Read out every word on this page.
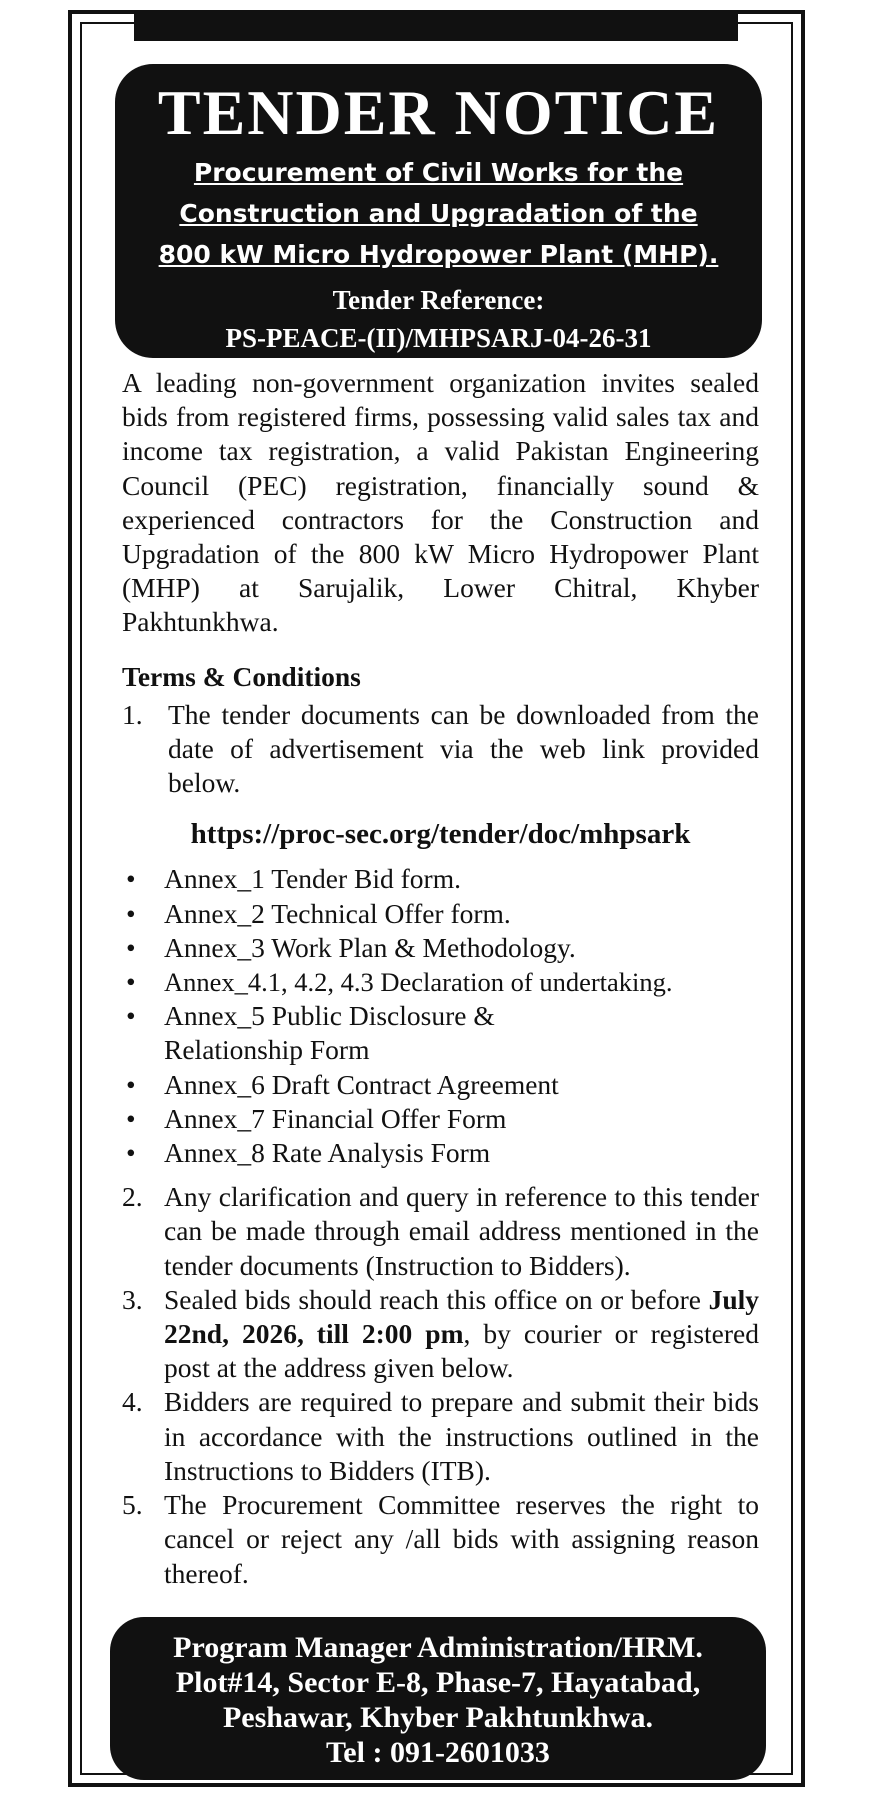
TENDER NOTICE
Procurement of Civil Works for the
Construction and Upgradation of the
800 kW Micro Hydropower Plant (MHP).
Tender Reference:
PS-PEACE-(II)/MHPSARJ-04-26-31

A leading non-government organization invites sealed bids from registered firms, possessing valid sales tax and income tax registration, a valid Pakistan Engineering Council (PEC) registration, financially sound & experienced contractors for the Construction and Upgradation of the 800 kW Micro Hydropower Plant (MHP) at Sarujalik, Lower Chitral, Khyber Pakhtunkhwa.

Terms & Conditions
1. The tender documents can be downloaded from the date of advertisement via the web link provided below.
https://proc-sec.org/tender/doc/mhpsark
•	Annex_1 Tender Bid form.
•	Annex_2 Technical Offer form.
•	Annex_3 Work Plan & Methodology.
•	Annex_4.1, 4.2, 4.3 Declaration of undertaking.
•	Annex_5 Public Disclosure & Relationship Form
•	Annex_6 Draft Contract Agreement
•	Annex_7 Financial Offer Form
•	Annex_8 Rate Analysis Form
2. Any clarification and query in reference to this tender can be made through email address mentioned in the tender documents (Instruction to Bidders).
3. Sealed bids should reach this office on or before July 22nd, 2026, till 2:00 pm, by courier or registered post at the address given below.
4. Bidders are required to prepare and submit their bids in accordance with the instructions outlined in the Instructions to Bidders (ITB).
5. The Procurement Committee reserves the right to cancel or reject any /all bids with assigning reason thereof.
Program Manager Administration/HRM.
Plot#14, Sector E-8, Phase-7, Hayatabad,
Peshawar, Khyber Pakhtunkhwa.
Tel : 091-2601033
